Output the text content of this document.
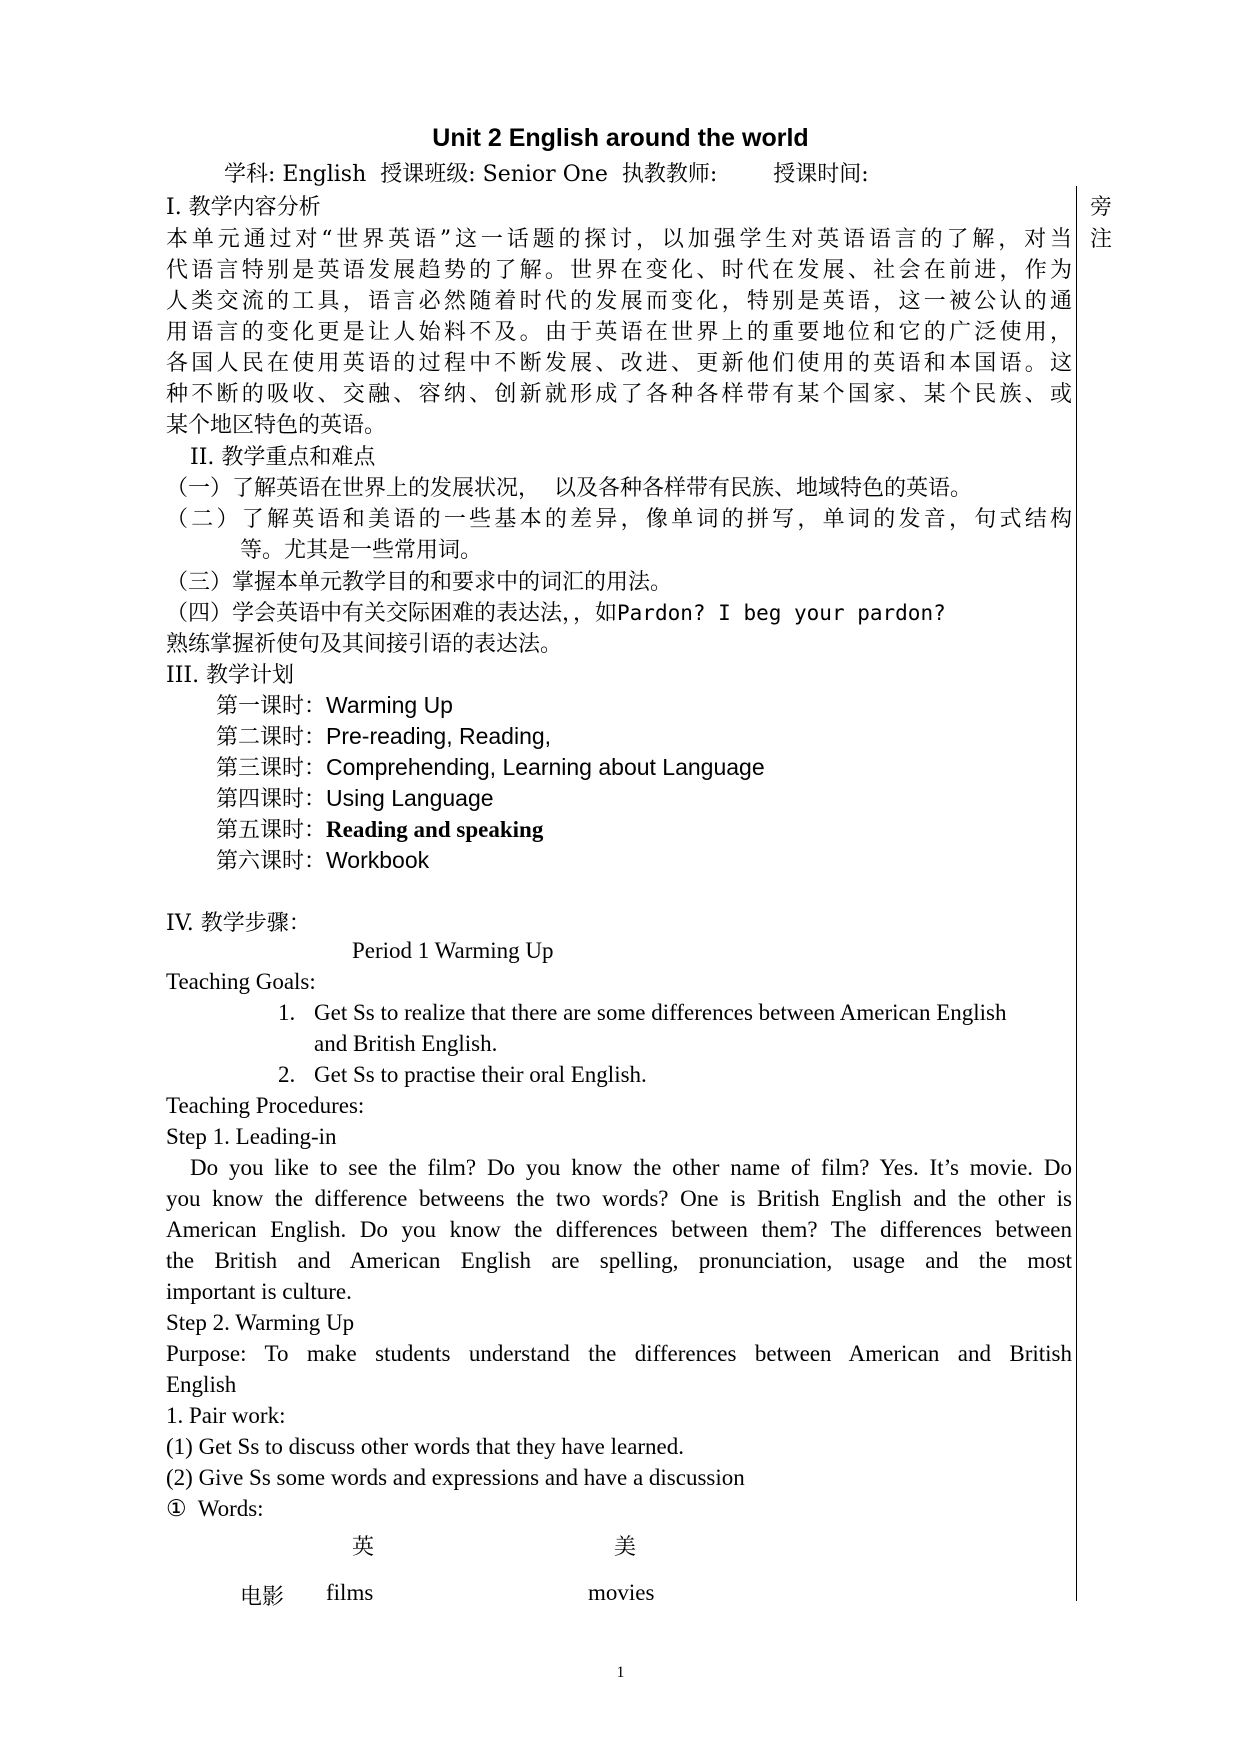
Unit 2 English around the world
学科: English  授课班级: Senior One  执教教师:        授课时间:
旁
注
I. 教学内容分析
本单元通过对“世界英语”这一话题的探讨，以加强学生对英语语言的了解，对当
代语言特别是英语发展趋势的了解。世界在变化、时代在发展、社会在前进，作为
人类交流的工具，语言必然随着时代的发展而变化，特别是英语，这一被公认的通
用语言的变化更是让人始料不及。由于英语在世界上的重要地位和它的广泛使用，
各国人民在使用英语的过程中不断发展、改进、更新他们使用的英语和本国语。这
种不断的吸收、交融、容纳、创新就形成了各种各样带有某个国家、某个民族、或
某个地区特色的英语。
II. 教学重点和难点
（一）了解英语在世界上的发展状况，  以及各种各样带有民族、地域特色的英语。
（二）了解英语和美语的一些基本的差异，像单词的拼写，单词的发音，句式结构
等。尤其是一些常用词。
（三）掌握本单元教学目的和要求中的词汇的用法。
（四）学会英语中有关交际困难的表达法，，如Pardon? I beg your pardon?
熟练掌握祈使句及其间接引语的表达法。
III. 教学计划
第一课时：Warming Up
第二课时：Pre-reading, Reading,
第三课时：Comprehending, Learning about Language
第四课时：Using Language
第五课时：Reading and speaking
第六课时：Workbook
IV. 教学步骤：
Period 1 Warming Up
Teaching Goals:
1. Get Ss to realize that there are some differences between American English
and British English.
2. Get Ss to practise their oral English.
Teaching Procedures:
Step 1. Leading-in
Do you like to see the film? Do you know the other name of film? Yes. It’s movie. Do
you know the difference betweens the two words? One is British English and the other is
American English. Do you know the differences between them? The differences between
the British and American English are spelling, pronunciation, usage and the most
important is culture.
Step 2. Warming Up
Purpose: To make students understand the differences between American and British
English
1. Pair work:
(1) Get Ss to discuss other words that they have learned.
(2) Give Ss some words and expressions and have a discussion
①  Words:
英	美
电影 films	movies
1
